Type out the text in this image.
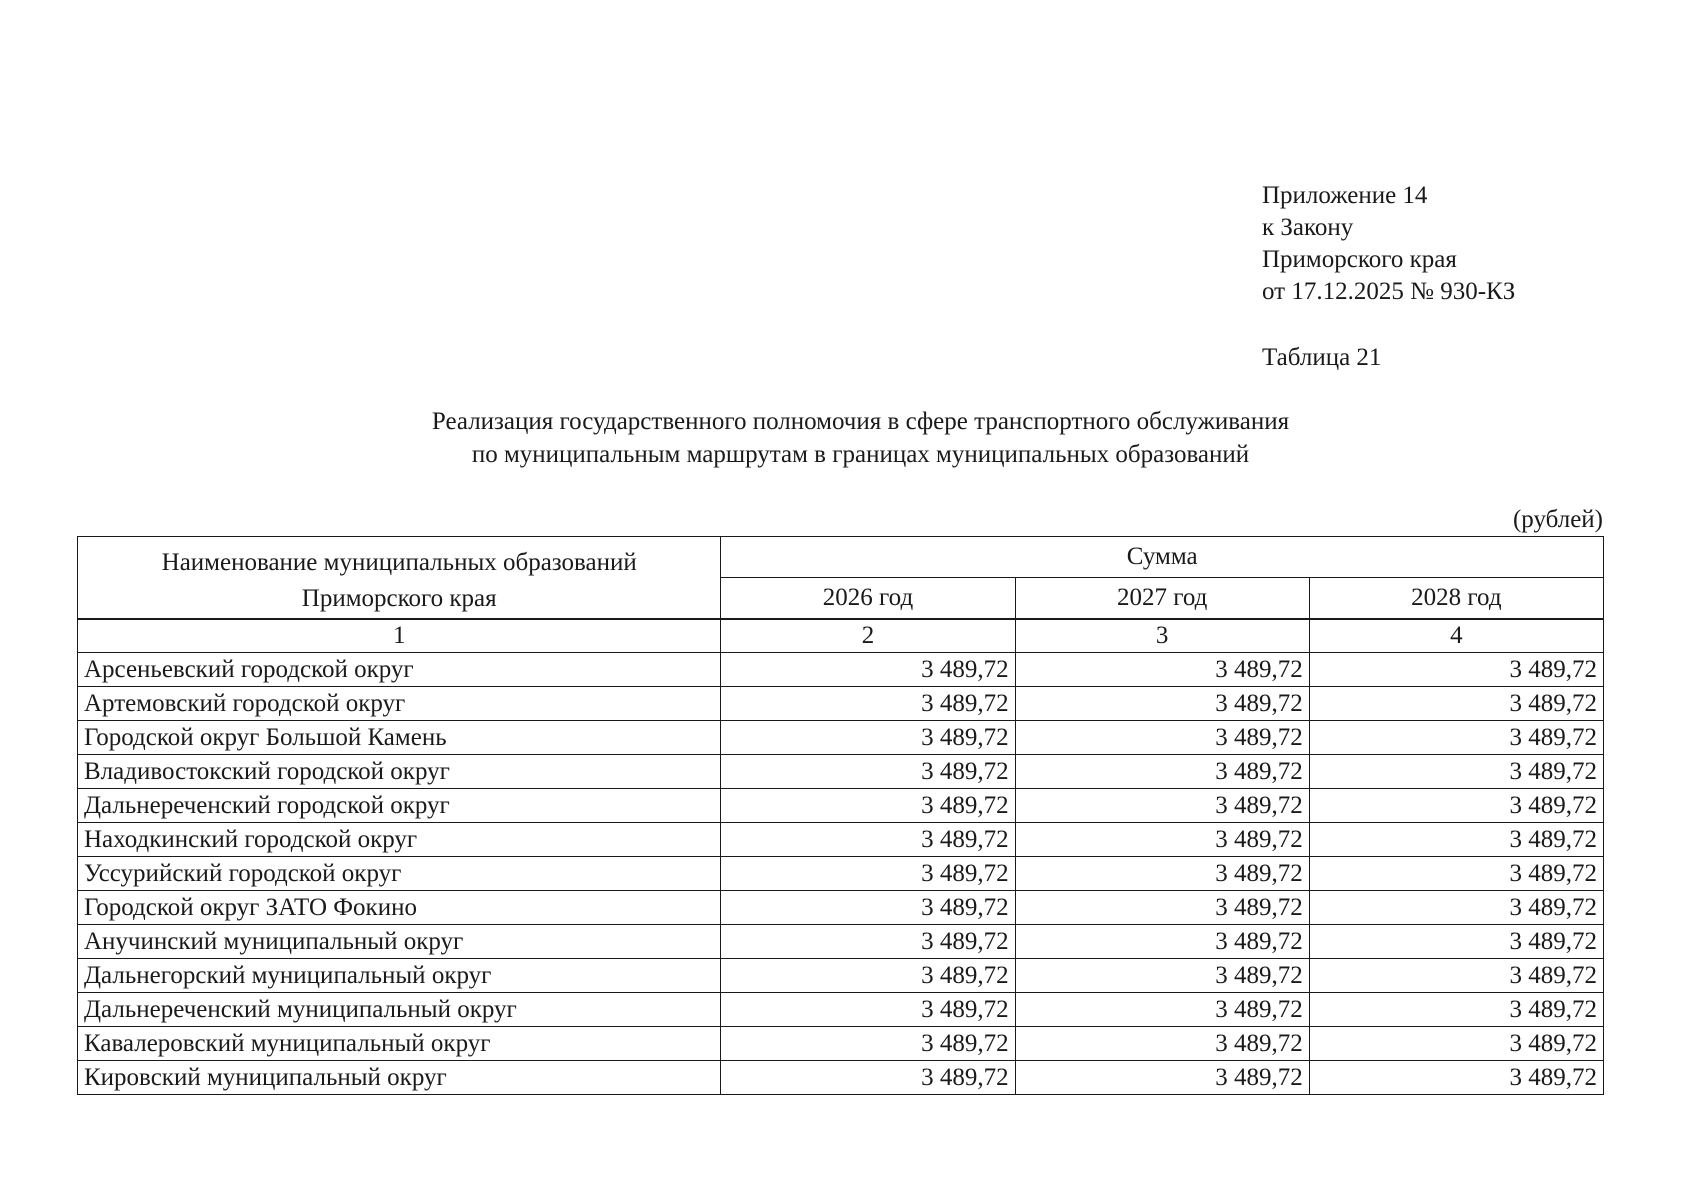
Приложение 14
к Закону
Приморского края
от 17.12.2025 № 930-КЗ
Таблица 21
Реализация государственного полномочия в сфере транспортного обслуживания
по муниципальным маршрутам в границах муниципальных образований
(рублей)
Наименование муниципальных образований
Приморского края	Сумма		
	2026 год	2027 год	2028 год
1	2	3	4
Арсеньевский городской округ	3 489,72	3 489,72	3 489,72
Артемовский городской округ	3 489,72	3 489,72	3 489,72
Городской округ Большой Камень	3 489,72	3 489,72	3 489,72
Владивостокский городской округ	3 489,72	3 489,72	3 489,72
Дальнереченский городской округ	3 489,72	3 489,72	3 489,72
Находкинский городской округ	3 489,72	3 489,72	3 489,72
Уссурийский городской округ	3 489,72	3 489,72	3 489,72
Городской округ ЗАТО Фокино	3 489,72	3 489,72	3 489,72
Анучинский муниципальный округ	3 489,72	3 489,72	3 489,72
Дальнегорский муниципальный округ	3 489,72	3 489,72	3 489,72
Дальнереченский муниципальный округ	3 489,72	3 489,72	3 489,72
Кавалеровский муниципальный округ	3 489,72	3 489,72	3 489,72
Кировский муниципальный округ	3 489,72	3 489,72	3 489,72
